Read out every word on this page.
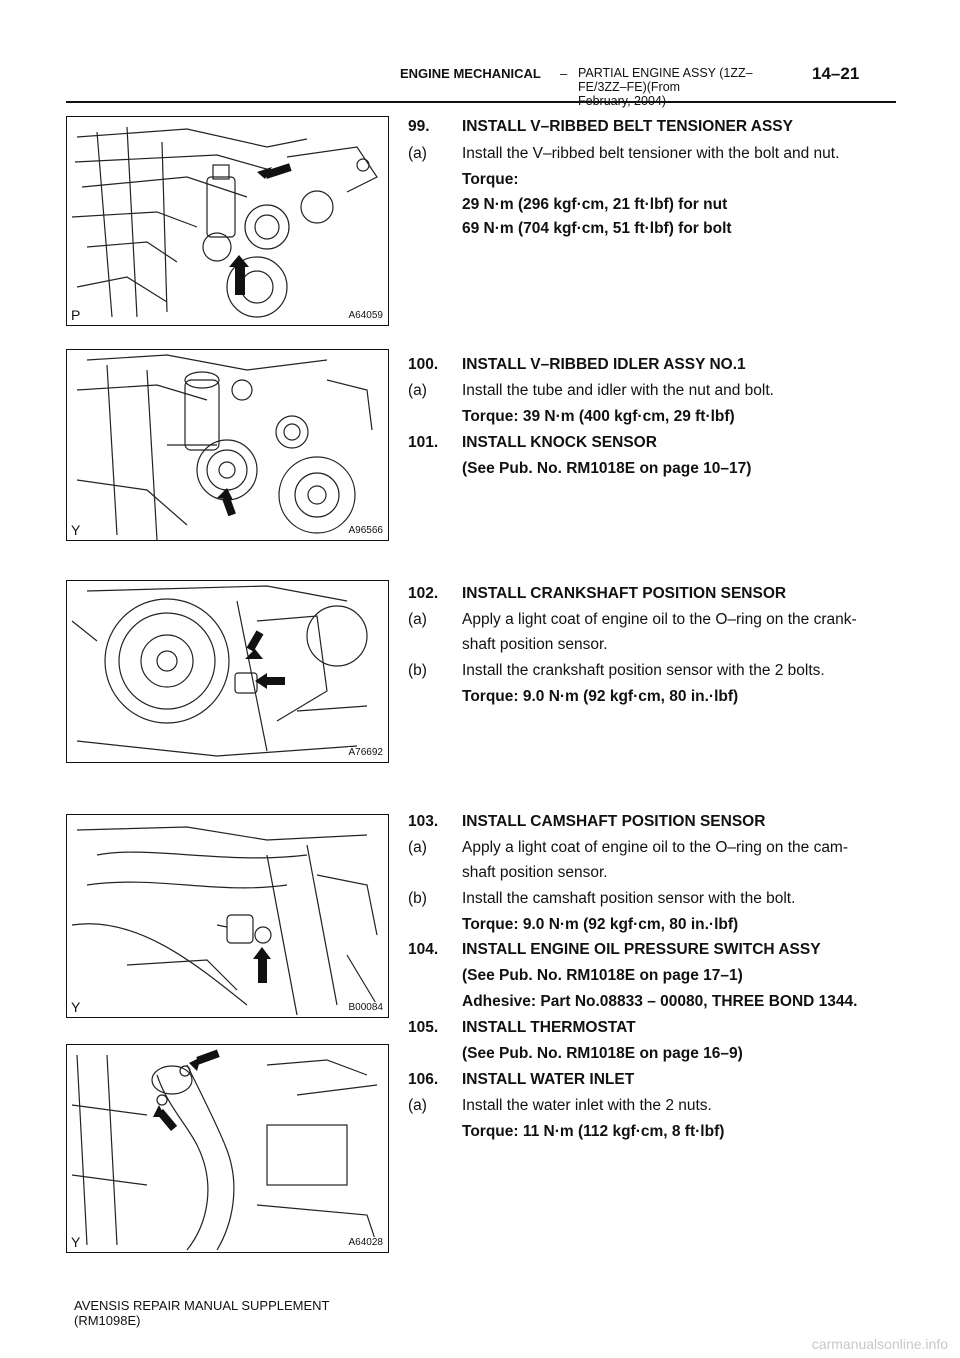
ENGINE MECHANICAL – PARTIAL ENGINE ASSY (1ZZ–FE/3ZZ–FE)(From
14–21
A64059
P
A96566
Y
A76692
B00084
Y
A64028
Y
99. INSTALL V–RIBBED BELT TENSIONER ASSY
(a) Install the V–ribbed belt tensioner with the bolt and nut.
Torque:
29 N·m (296 kgf·cm, 21 ft·lbf) for nut
69 N·m (704 kgf·cm, 51 ft·lbf) for bolt
100. INSTALL V–RIBBED IDLER ASSY NO.1
(a) Install the tube and idler with the nut and bolt.
Torque: 39 N·m (400 kgf·cm, 29 ft·lbf)
101. INSTALL KNOCK SENSOR
(See Pub. No. RM1018E on page 10–17)
102. INSTALL CRANKSHAFT POSITION SENSOR
(a) Apply a light coat of engine oil to the O–ring on the crank-
shaft position sensor.
(b) Install the crankshaft position sensor with the 2 bolts.
Torque: 9.0 N·m (92 kgf·cm, 80 in.·lbf)
103. INSTALL CAMSHAFT POSITION SENSOR
(a) Apply a light coat of engine oil to the O–ring on the cam-
shaft position sensor.
(b) Install the camshaft position sensor with the bolt.
Torque: 9.0 N·m (92 kgf·cm, 80 in.·lbf)
104. INSTALL ENGINE OIL PRESSURE SWITCH ASSY
(See Pub. No. RM1018E on page 17–1)
Adhesive: Part No.08833 – 00080, THREE BOND 1344.
105. INSTALL THERMOSTAT
(See Pub. No. RM1018E on page 16–9)
106. INSTALL WATER INLET
(a) Install the water inlet with the 2 nuts.
Torque: 11 N·m (112 kgf·cm, 8 ft·lbf)
AVENSIS REPAIR MANUAL SUPPLEMENT
(RM1098E)
carmanualsonline.info
